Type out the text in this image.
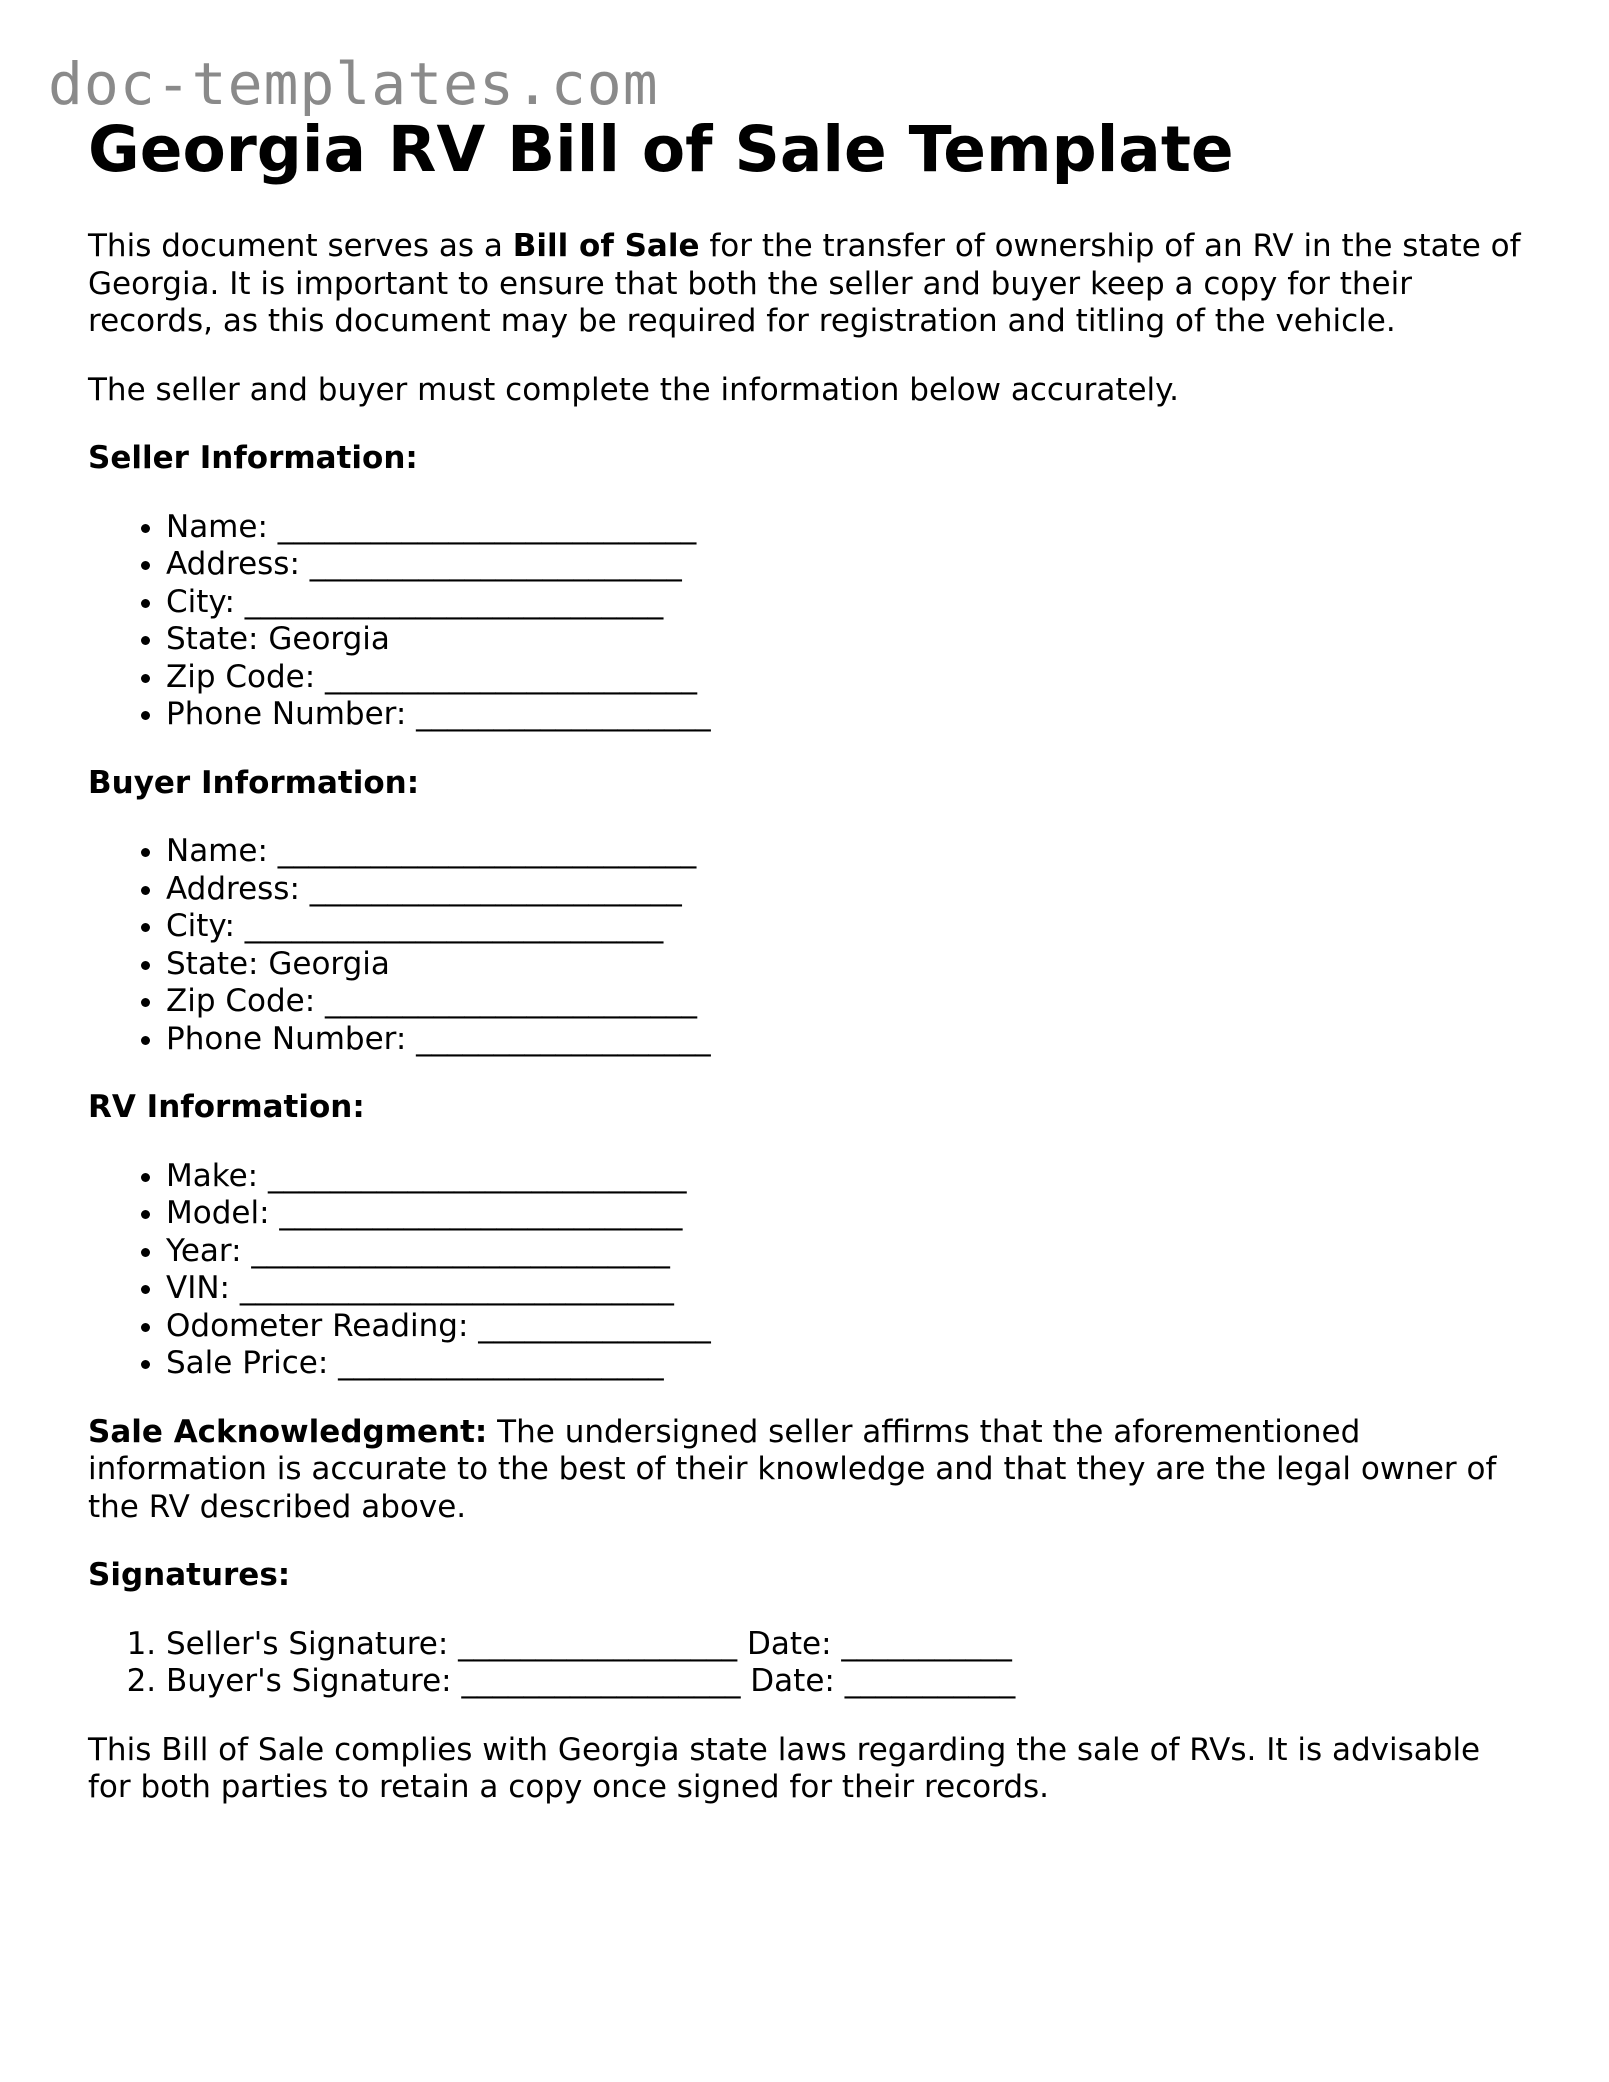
doc-templates.com
Georgia RV Bill of Sale Template

This document serves as a Bill of Sale for the transfer of ownership of an RV in the state of Georgia. It is important to ensure that both the seller and buyer keep a copy for their records, as this document may be required for registration and titling of the vehicle.

The seller and buyer must complete the information below accurately.

Seller Information:
• Name: ___________________________
• Address: ________________________
• City: ___________________________
• State: Georgia
• Zip Code: ________________________
• Phone Number: ___________________
Buyer Information:
• Name: ___________________________
• Address: ________________________
• City: ___________________________
• State: Georgia
• Zip Code: ________________________
• Phone Number: ___________________
RV Information:
• Make: ___________________________
• Model: __________________________
• Year: ___________________________
• VIN: ____________________________
• Odometer Reading: _______________
• Sale Price: _____________________

Sale Acknowledgment: The undersigned seller affirms that the aforementioned information is accurate to the best of their knowledge and that they are the legal owner of the RV described above.

Signatures:
1. Seller's Signature: __________________ Date: ___________
2. Buyer's Signature: __________________ Date: ___________

This Bill of Sale complies with Georgia state laws regarding the sale of RVs. It is advisable for both parties to retain a copy once signed for their records.
